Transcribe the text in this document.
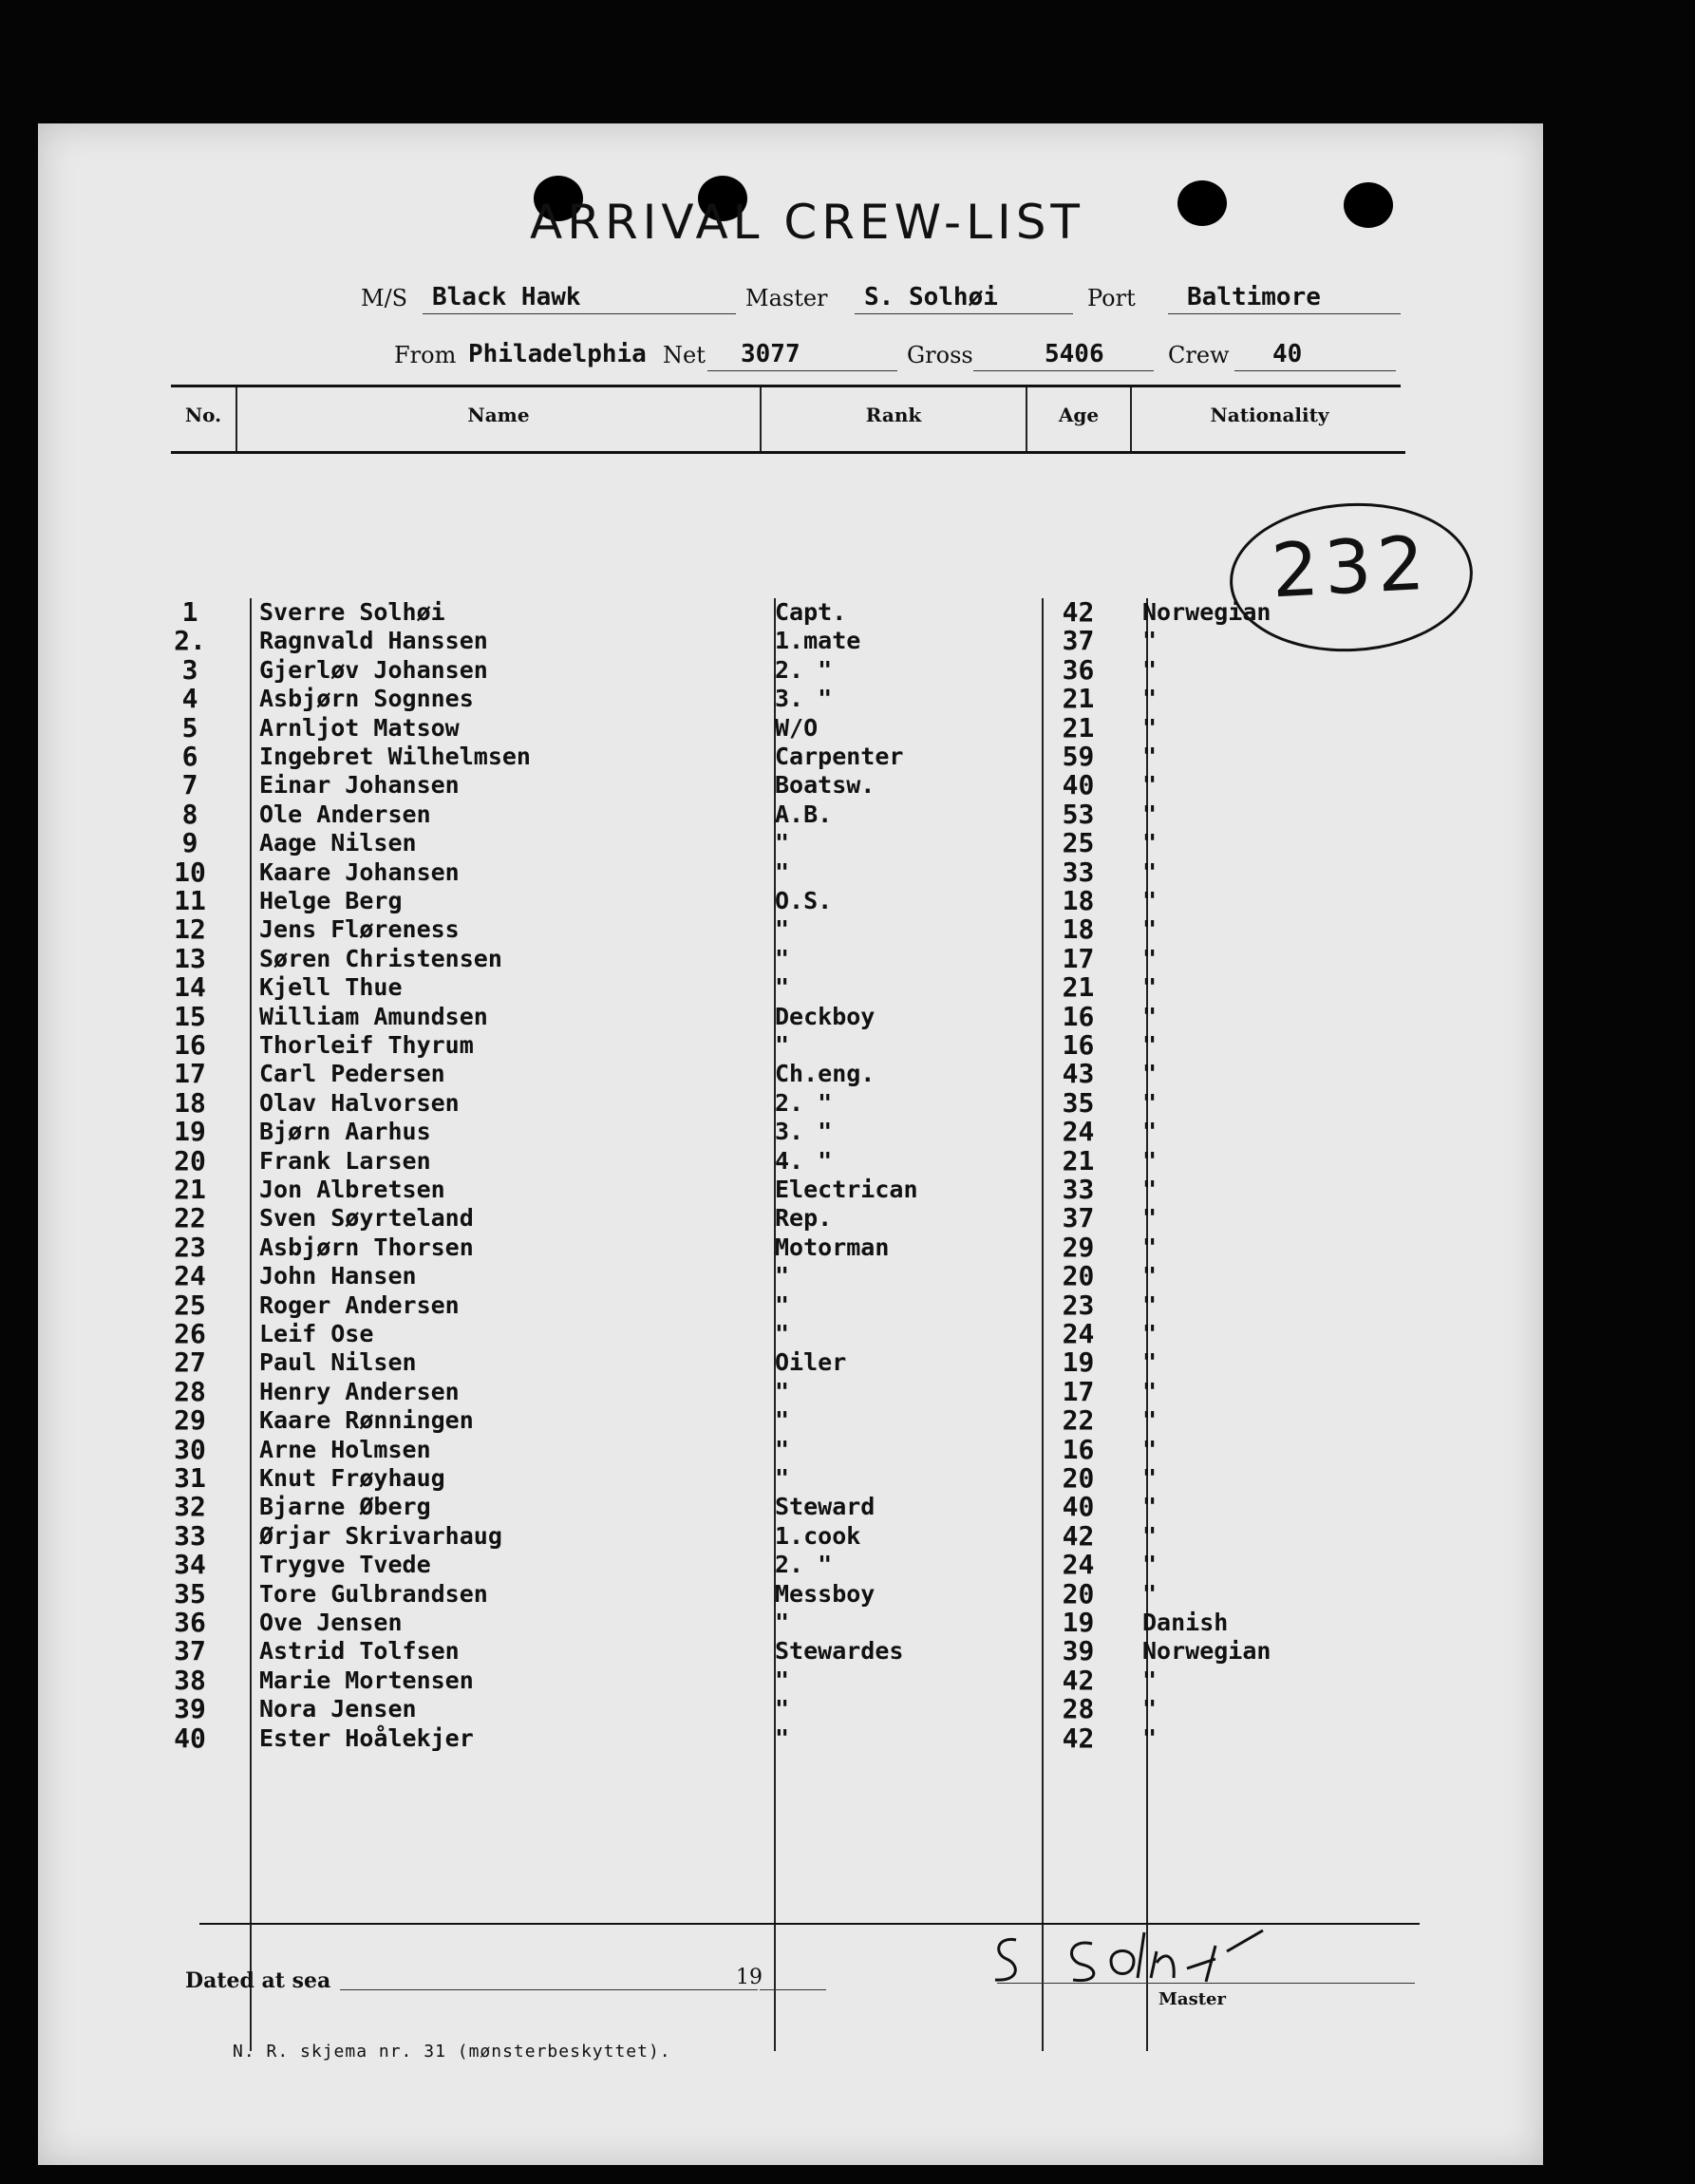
ARRIVAL CREW-LIST
M/S Black Hawk	Master S. Solhøi	Port Baltimore
From Philadelphia Net 3077	Gross	5406	Crew 40
No.	Name	Rank	Age	Nationality
1	Sverre Solhøi	Capt.	42	Norwegian
2.	Ragnvald Hanssen	1.mate	37	"
3	Gjerløv Johansen	2. "	36	"
4	Asbjørn Sognnes	3. "	21	"
5	Arnljot Matsow	W/O	21	"
6	Ingebret Wilhelmsen	Carpenter	59	"
7	Einar Johansen	Boatsw.	40	"
8	Ole Andersen	A.B.	53	"
9	Aage Nilsen	"	25	"
10	Kaare Johansen	"	33	"
11	Helge Berg	O.S.	18	"
12	Jens Fløreness	"	18	"
13	Søren Christensen	"	17	"
14	Kjell Thue	"	21	"
15	William Amundsen	Deckboy	16	"
16	Thorleif Thyrum	"	16	"
17	Carl Pedersen	Ch.eng.	43	"
18	Olav Halvorsen	2. "	35	"
19	Bjørn Aarhus	3. "	24	"
20	Frank Larsen	4. "	21	"
21	Jon Albretsen	Electrican	33	"
22	Sven Søyrteland	Rep.	37	"
23	Asbjørn Thorsen	Motorman	29	"
24	John Hansen	"	20	"
25	Roger Andersen	"	23	"
26	Leif Ose	"	24	"
27	Paul Nilsen	Oiler	19	"
28	Henry Andersen	"	17	"
29	Kaare Rønningen	"	22	"
30	Arne Holmsen	"	16	"
31	Knut Frøyhaug	"	20	"
32	Bjarne Øberg	Steward	40	"
33	Ørjar Skrivarhaug	1.cook	42	"
34	Trygve Tvede	2. "	24	"
35	Tore Gulbrandsen	Messboy	20	"
36	Ove Jensen	"	19	Danish
37	Astrid Tolfsen	Stewardes	39	Norwegian
38	Marie Mortensen	"	42	"
39	Nora Jensen	"	28	"
40	Ester Hoålekjer	"	42	"
232
Dated at sea	19
Master
N. R. skjema nr. 31 (mønsterbeskyttet).
